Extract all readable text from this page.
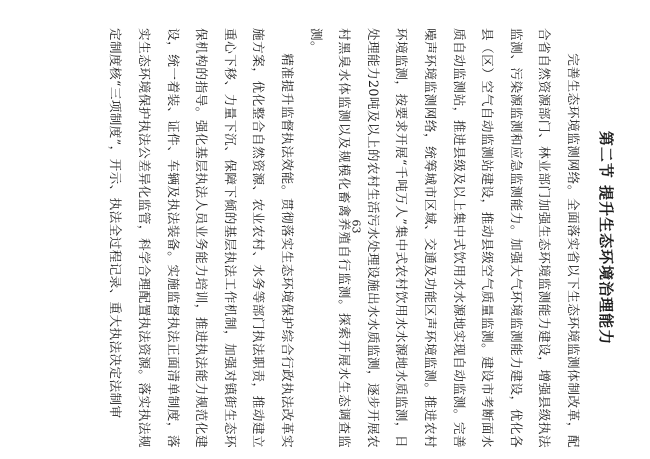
第二节 提升生态环境治理能力

完善生态环境监测网络。全面落实省以下生态环境监测体制改革，配合省自然资源部门、林业部门加强生态环境监测能力建设，增强县级执法监测、污染源监测和应急监测能力。加强大气环境监测能力建设，优化各县（区）空气自动监测站建设，推动县级空气质量监测。建设市考断面水质自动监测站，推进县级及以上集中式饮用水水源地实现自动监测。完善噪声环境监测网络，统筹城市区域、交通及功能区声环境监测。推进农村环境监测，按要求开展“千吨万人”集中式农村饮用水水源地水质监测，日处理能力20吨及以上的农村生活污水处理设施出水水质监测，逐步开展农村黑臭水体监测以及规模化畜禽养殖自行监测。探索开展水生态调查监测。

精准提升监督执法效能。贯彻落实生态环境保护综合行政执法改革实施方案，优化整合自然资源、农业农村、水务等部门执法职责，推动建立重心下移、力量下沉、保障下倾的基层执法工作机制，加强对镇街生态环保机构的指导。强化基层执法人员业务能力培训，推进执法能力规范化建设，统一着装、证件、车辆及执法装备。实施监督执法正面清单制度，落实生态环境保护执法公差异化监管，科学合理配置执法资源。落实执法规定制度核“三项制度”，开示、执法全过程记录、重大执法决定法制审	63
